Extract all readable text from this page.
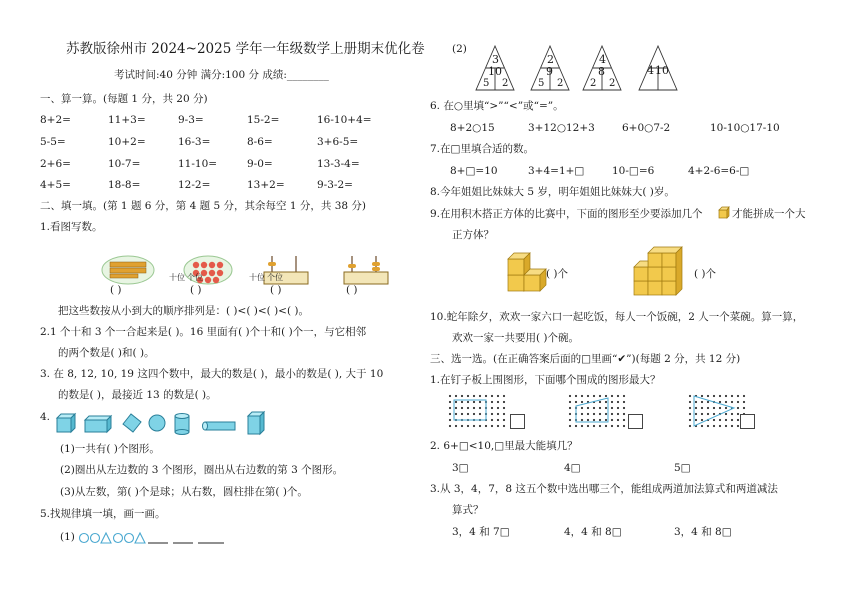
苏教版徐州市 2024~2025 学年一年级数学上册期末优化卷
考试时间:40 分钟 满分:100 分 成绩:________
一、算一算。(每题 1 分，共 20 分)
8+2=	11+3=	9-3=	15-2=	16-10+4=
5-5=	10+2=	16-3=	8-6=	3+6-5=
2+6=	10-7=	11-10=	9-0=	13-3-4=
4+5=	18-8=	12-2=	13+2=	9-3-2=
二、填一填。(第 1 题 6 分，第 4 题 5 分，其余每空 1 分，共 38 分)
1.看图写数。
十位 个位	十位 个位
( )	( )	( )	( )
把这些数按从小到大的顺序排列是：( )<( )<( )<( )。
2.1 个十和 3 个一合起来是( )。16 里面有( )个十和( )个一，与它相邻
的两个数是( )和( )。
3. 在 8, 12, 10, 19 这四个数中，最大的数是( )，最小的数是( ), 大于 10
的数是( )，最接近 13 的数是( )。
4.
(1)一共有( )个图形。
(2)圈出从左边数的 3 个图形，圈出从右边数的第 3 个图形。
(3)从左数，第( )个是球；从右数，圆柱排在第( )个。
5.找规律填一填，画一画。
(1)
(2)
3
10
5 2
2
9
5 2
4
8
2 2
4 10
6. 在○里填“>”“<”或“=”。
8+2○15	3+12○12+3	6+0○7-2	10-10○17-10
7.在□里填合适的数。
8+□=10	3+4=1+□	10-□=6	4+2-6=6-□
8.今年姐姐比妹妹大 5 岁，明年姐姐比妹妹大( )岁。
9.在用积木搭正方体的比赛中，下面的图形至少要添加几个	才能拼成一个大
正方体？
( )个	( )个
10.蛇年除夕，欢欢一家六口一起吃饭，每人一个饭碗，2 人一个菜碗。算一算，
欢欢一家一共要用( )个碗。
三、选一选。(在正确答案后面的□里画“✔”)(每题 2 分，共 12 分)
1.在钉子板上围图形，下面哪个围成的图形最大？
2. 6+□<10,□里最大能填几？
3□	4□	5□
3.从 3，4，7，8 这五个数中选出哪三个，能组成两道加法算式和两道减法
算式？
3，4 和 7□	4，4 和 8□	3，4 和 8□
